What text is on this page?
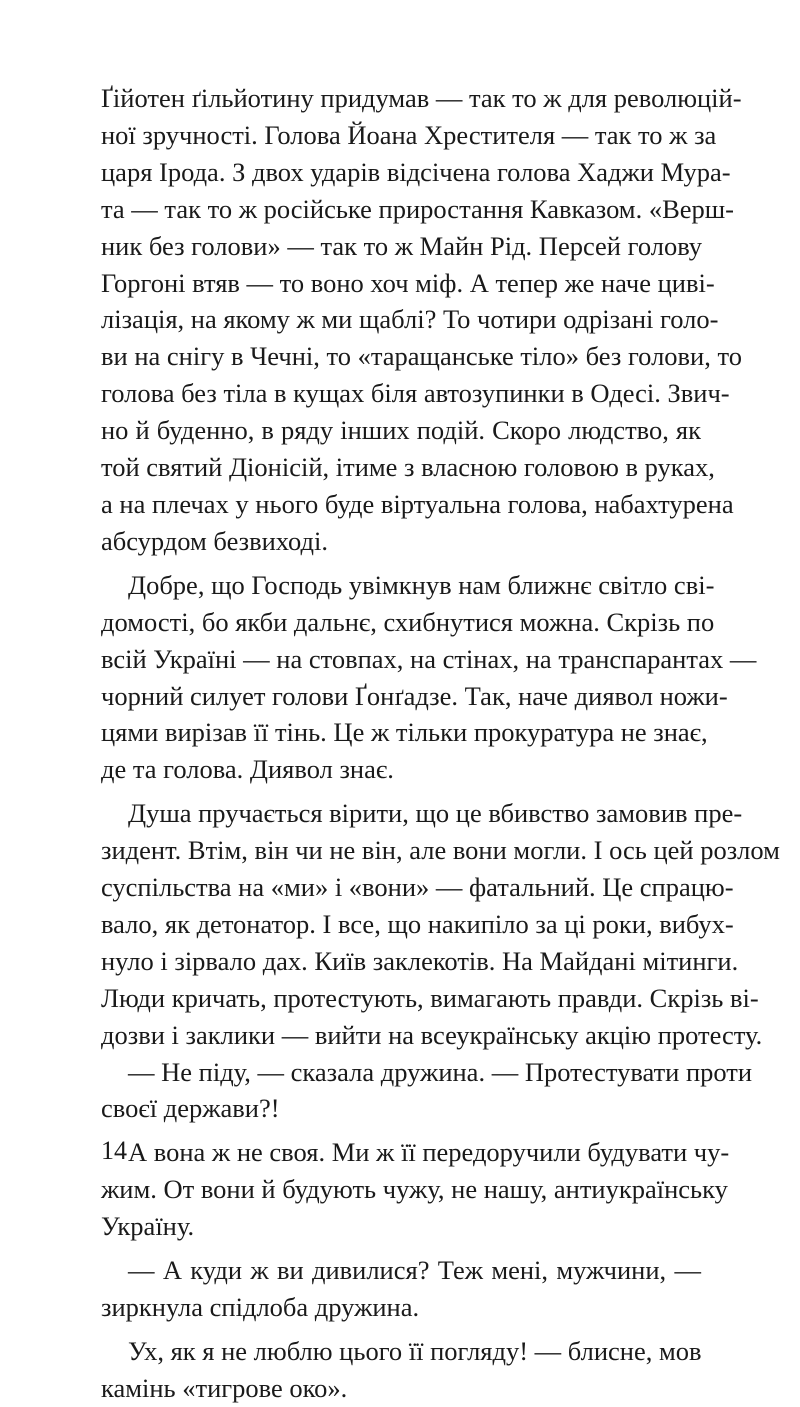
Ґійотен ґільйотину придумав — так то ж для революцій-
ної зручності. Голова Йоана Хрестителя — так то ж за
царя Ірода. З двох ударів відсічена голова Хаджи Мура-
та — так то ж російське приростання Кавказом. «Верш-
ник без голови» — так то ж Майн Рід. Персей голову
Горгоні втяв — то воно хоч міф. А тепер же наче циві-
лізація, на якому ж ми щаблі? То чотири одрізані голо-
ви на снігу в Чечні, то «таращанське тіло» без голови, то
голова без тіла в кущах біля автозупинки в Одесі. Звич-
но й буденно, в ряду інших подій. Скоро людство, як
той святий Діонісій, ітиме з власною головою в руках,
а на плечах у нього буде віртуальна голова, набахтурена
абсурдом безвиході.
Добре, що Господь увімкнув нам ближнє світло сві-
домості, бо якби дальнє, схибнутися можна. Скрізь по
всій Україні — на стовпах, на стінах, на транспарантах —
чорний силует голови Ґонґадзе. Так, наче диявол ножи-
цями вирізав її тінь. Це ж тільки прокуратура не знає,
де та голова. Диявол знає.
Душа пручається вірити, що це вбивство замовив пре-
зидент. Втім, він чи не він, але вони могли. І ось цей розлом
суспільства на «ми» і «вони» — фатальний. Це спрацю-
вало, як детонатор. І все, що накипіло за ці роки, вибух-
нуло і зірвало дах. Київ заклекотів. На Майдані мітинги.
Люди кричать, протестують, вимагають правди. Скрізь ві-
дозви і заклики — вийти на всеукраїнську акцію протесту.
— Не піду, — сказала дружина. — Протестувати проти
своєї держави?!
А вона ж не своя. Ми ж її передоручили будувати чу-
жим. От вони й будують чужу, не нашу, антиукраїнську
Україну.
— А куди ж ви дивилися? Теж мені, мужчини, —
зиркнула спідлоба дружина.
Ух, як я не люблю цього її погляду! — блисне, мов
камінь «тигрове око».
14
